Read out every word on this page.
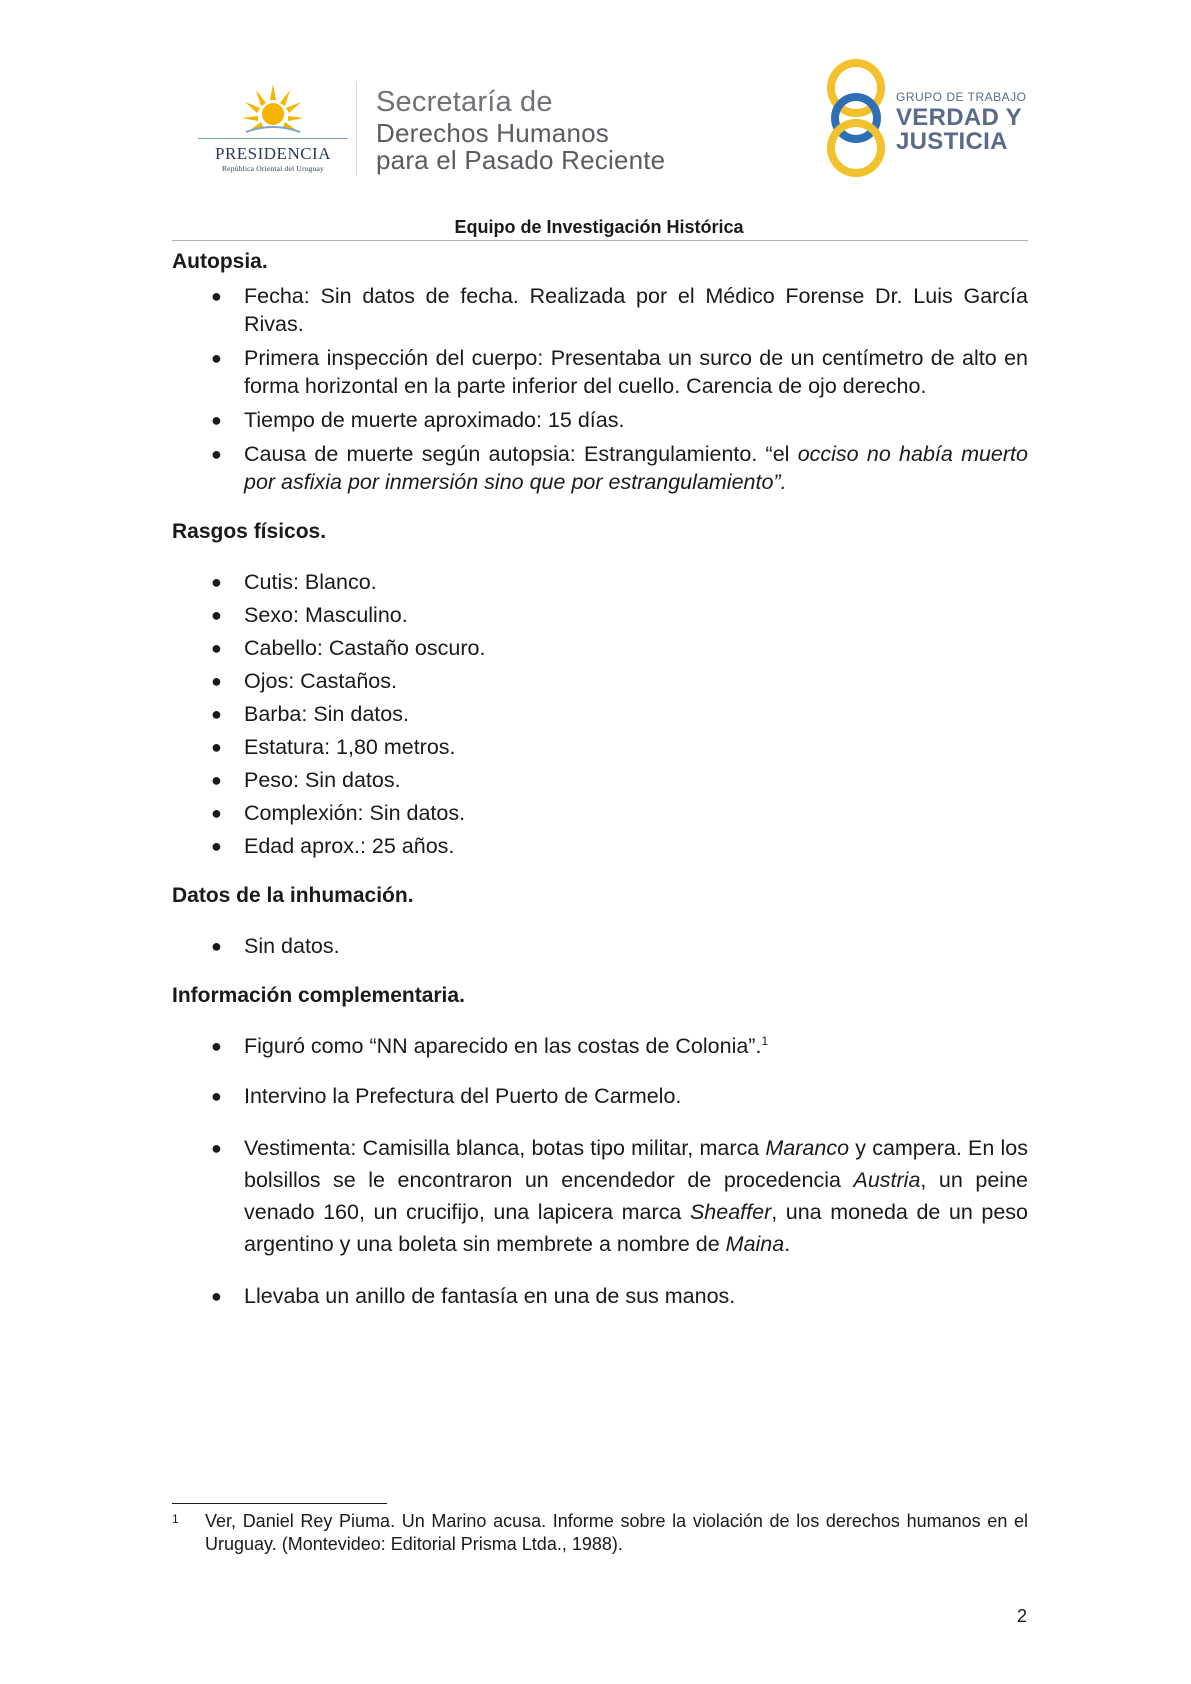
PRESIDENCIA
República Oriental del Uruguay
Secretaría de
Derechos Humanos
para el Pasado Reciente
GRUPO DE TRABAJO
VERDAD Y
JUSTICIA
Equipo de Investigación Histórica
Autopsia.
● Fecha: Sin datos de fecha. Realizada por el Médico Forense Dr. Luis García Rivas.
● Primera inspección del cuerpo: Presentaba un surco de un centímetro de alto en forma horizontal en la parte inferior del cuello. Carencia de ojo derecho.
● Tiempo de muerte aproximado: 15 días.
● Causa de muerte según autopsia: Estrangulamiento. “el occiso no había muerto por asfixia por inmersión sino que por estrangulamiento”.
Rasgos físicos.
● Cutis: Blanco.
● Sexo: Masculino.
● Cabello: Castaño oscuro.
● Ojos: Castaños.
● Barba: Sin datos.
● Estatura: 1,80 metros.
● Peso: Sin datos.
● Complexión: Sin datos.
● Edad aprox.: 25 años.
Datos de la inhumación.
● Sin datos.
Información complementaria.
● Figuró como “NN aparecido en las costas de Colonia”.$^1$
● Intervino la Prefectura del Puerto de Carmelo.
● Vestimenta: Camisilla blanca, botas tipo militar, marca Maranco y campera. En los bolsillos se le encontraron un encendedor de procedencia Austria, un peine venado 160, un crucifijo, una lapicera marca Sheaffer, una moneda de un peso argentino y una boleta sin membrete a nombre de Maina.
● Llevaba un anillo de fantasía en una de sus manos.
1 Ver, Daniel Rey Piuma. Un Marino acusa. Informe sobre la violación de los derechos humanos en el Uruguay. (Montevideo: Editorial Prisma Ltda., 1988).
2
